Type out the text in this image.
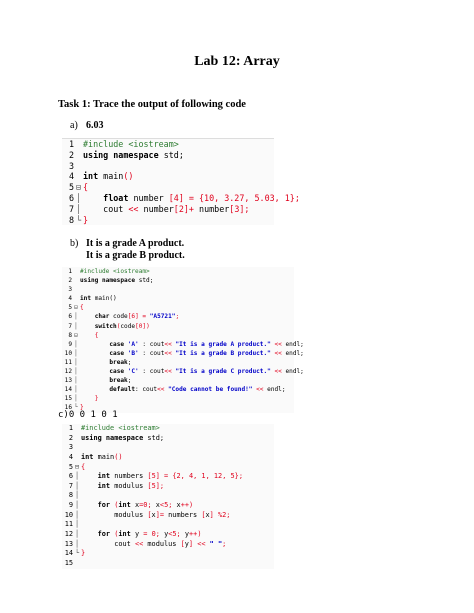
Lab 12: Array
Task 1: Trace the output of following code
a) 6.03
1 #include <iostream>
2 using namespace std;
3
4 int main()
5 ⊟ {
6 │	float number [4] = {10, 3.27, 5.03, 1};
7 │    cout << number[2]+ number[3];
8 └ }
b) It is a grade A product.
It is a grade B product.
1 #include <iostream>
2 using namespace std;
3
4 int main()
5 ⊟ {
6 │	char code[6] = "A5721";
7 │	switch(code[0])
8 ⊟	{
9 │	case 'A' : cout<< "It is a grade A product." << endl;
10 │	case 'B' : cout<< "It is a grade B product." << endl;
11 │	break;
12 │	case 'C' : cout<< "It is a grade C product." << endl;
13 │	break;
14 │	default: cout<< "Code cannot be found!" << endl;
15 │	}
16 └ }
c)0 0 1 0 1
1 #include <iostream>
2 using namespace std;
3
4 int main()
5 ⊟ {
6 │	int numbers [5] = {2, 4, 1, 12, 5};
7 │	int modulus [5];
8 │
9 │	for (int x=0; x<5; x++)
10 │        modulus [x]= numbers [x] %2;
11 │
12 │	for (int y = 0; y<5; y++)
13 │        cout << modulus [y] << " ";
14 └ }
15
